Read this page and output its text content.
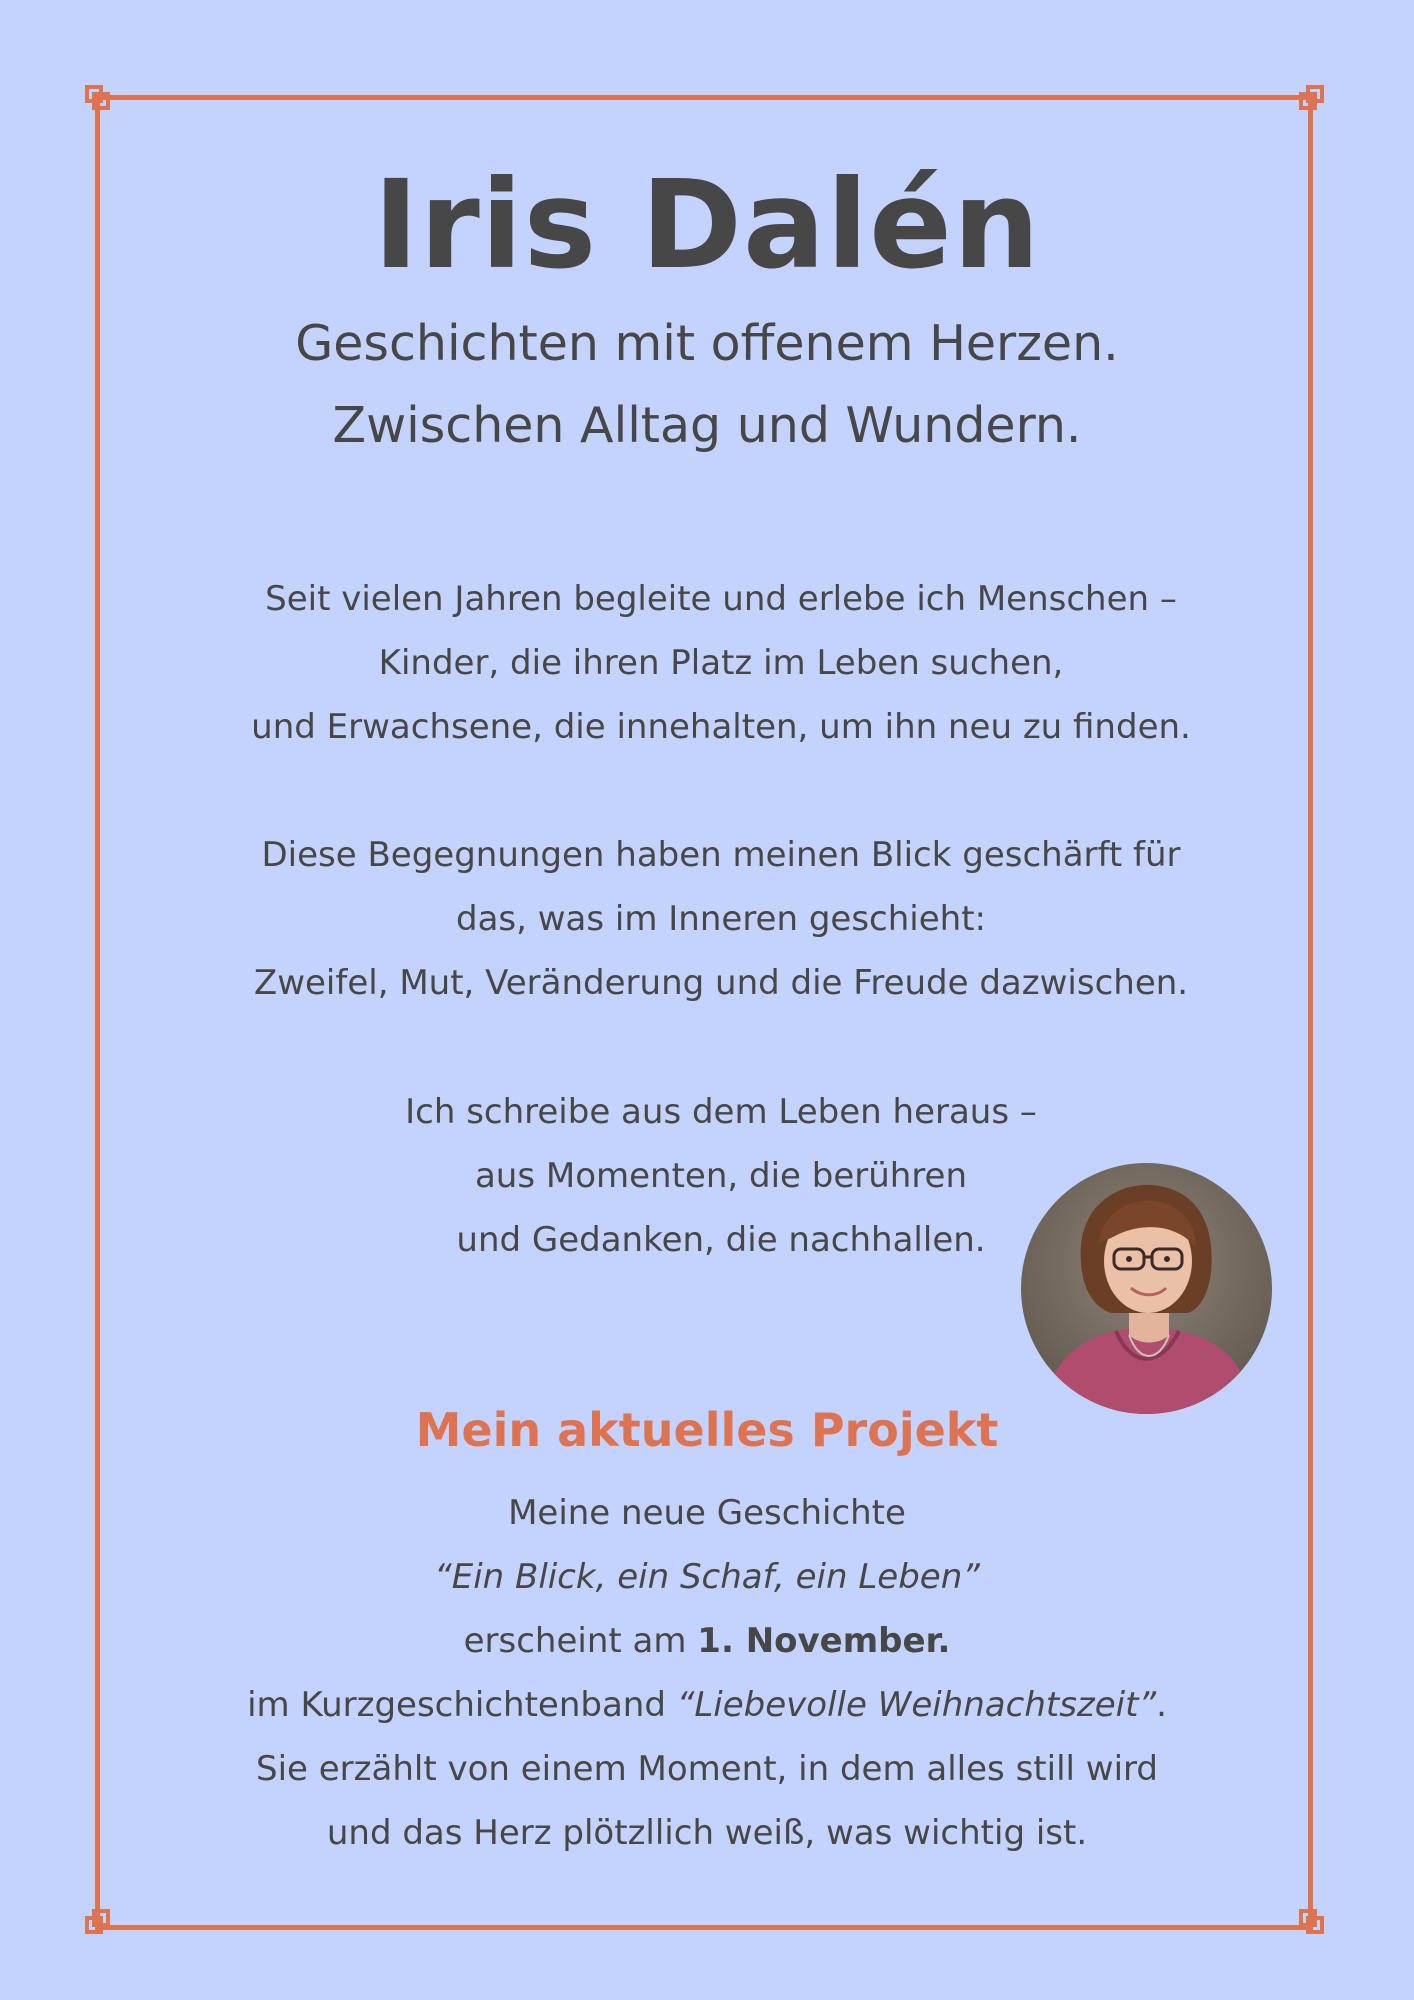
Iris Dalén
Geschichten mit offenem Herzen.
Zwischen Alltag und Wundern.
Seit vielen Jahren begleite und erlebe ich Menschen –
Kinder, die ihren Platz im Leben suchen,
und Erwachsene, die innehalten, um ihn neu zu finden.
Diese Begegnungen haben meinen Blick geschärft für
das, was im Inneren geschieht:
Zweifel, Mut, Veränderung und die Freude dazwischen.
Ich schreibe aus dem Leben heraus –
aus Momenten, die berühren
und Gedanken, die nachhallen.
Mein aktuelles Projekt
Meine neue Geschichte
“Ein Blick, ein Schaf, ein Leben”
erscheint am 1. November.
im Kurzgeschichtenband “Liebevolle Weihnachtszeit”.
Sie erzählt von einem Moment, in dem alles still wird
und das Herz plötzllich weiß, was wichtig ist.
